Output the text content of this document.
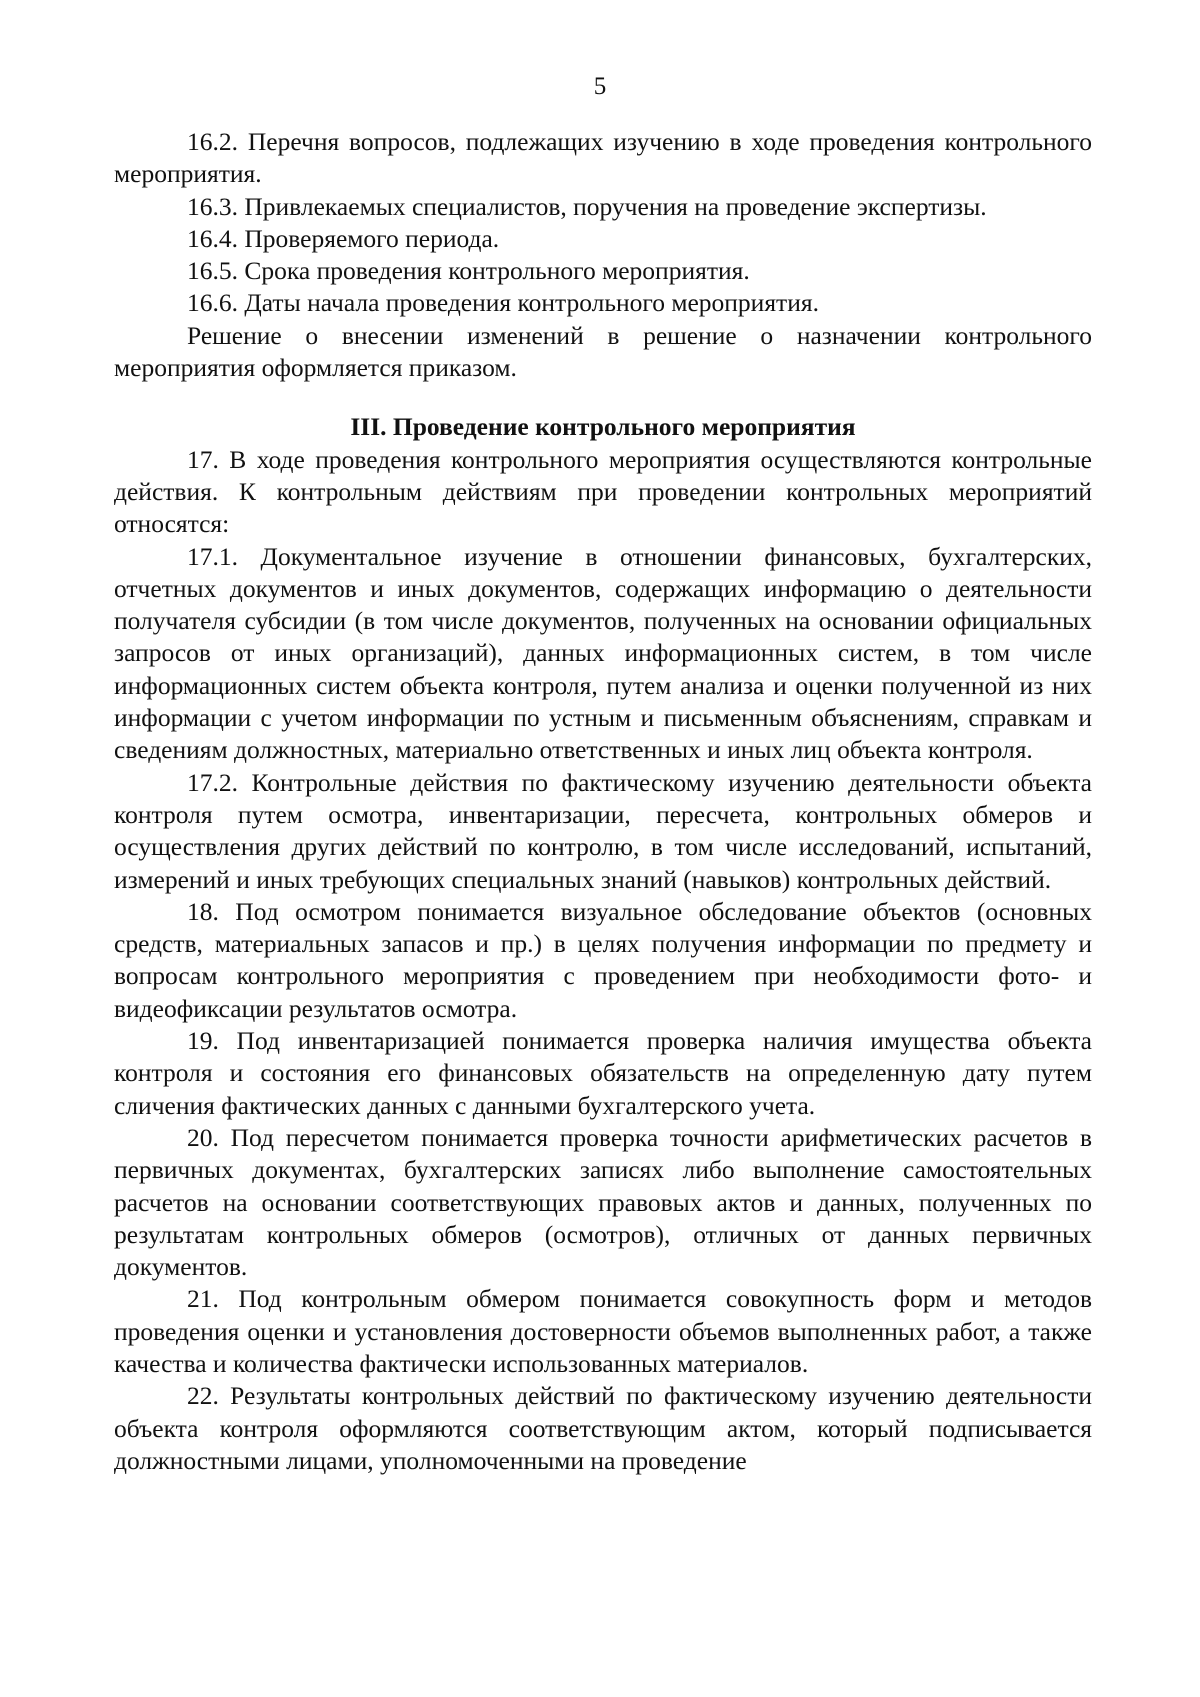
5

16.2. Перечня вопросов, подлежащих изучению в ходе проведения контрольного мероприятия.

16.3. Привлекаемых специалистов, поручения на проведение экспертизы.

16.4. Проверяемого периода.

16.5. Срока проведения контрольного мероприятия.

16.6. Даты начала проведения контрольного мероприятия.

Решение о внесении изменений в решение о назначении контрольного мероприятия оформляется приказом.

III. Проведение контрольного мероприятия

17. В ходе проведения контрольного мероприятия осуществляются контрольные действия. К контрольным действиям при проведении контрольных мероприятий относятся:

17.1. Документальное изучение в отношении финансовых, бухгалтерских, отчетных документов и иных документов, содержащих информацию о деятельности получателя субсидии (в том числе документов, полученных на основании официальных запросов от иных организаций), данных информационных систем, в том числе информационных систем объекта контроля, путем анализа и оценки полученной из них информации с учетом информации по устным и письменным объяснениям, справкам и сведениям должностных, материально ответственных и иных лиц объекта контроля.

17.2. Контрольные действия по фактическому изучению деятельности объекта контроля путем осмотра, инвентаризации, пересчета, контрольных обмеров и осуществления других действий по контролю, в том числе исследований, испытаний, измерений и иных требующих специальных знаний (навыков) контрольных действий.

18. Под осмотром понимается визуальное обследование объектов (основных средств, материальных запасов и пр.) в целях получения информации по предмету и вопросам контрольного мероприятия с проведением при необходимости фото- и видеофиксации результатов осмотра.

19. Под инвентаризацией понимается проверка наличия имущества объекта контроля и состояния его финансовых обязательств на определенную дату путем сличения фактических данных с данными бухгалтерского учета.

20. Под пересчетом понимается проверка точности арифметических расчетов в первичных документах, бухгалтерских записях либо выполнение самостоятельных расчетов на основании соответствующих правовых актов и данных, полученных по результатам контрольных обмеров (осмотров), отличных от данных первичных документов.

21. Под контрольным обмером понимается совокупность форм и методов проведения оценки и установления достоверности объемов выполненных работ, а также качества и количества фактически использованных материалов.

22. Результаты контрольных действий по фактическому изучению деятельности объекта контроля оформляются соответствующим актом, который подписывается должностными лицами, уполномоченными на проведение
